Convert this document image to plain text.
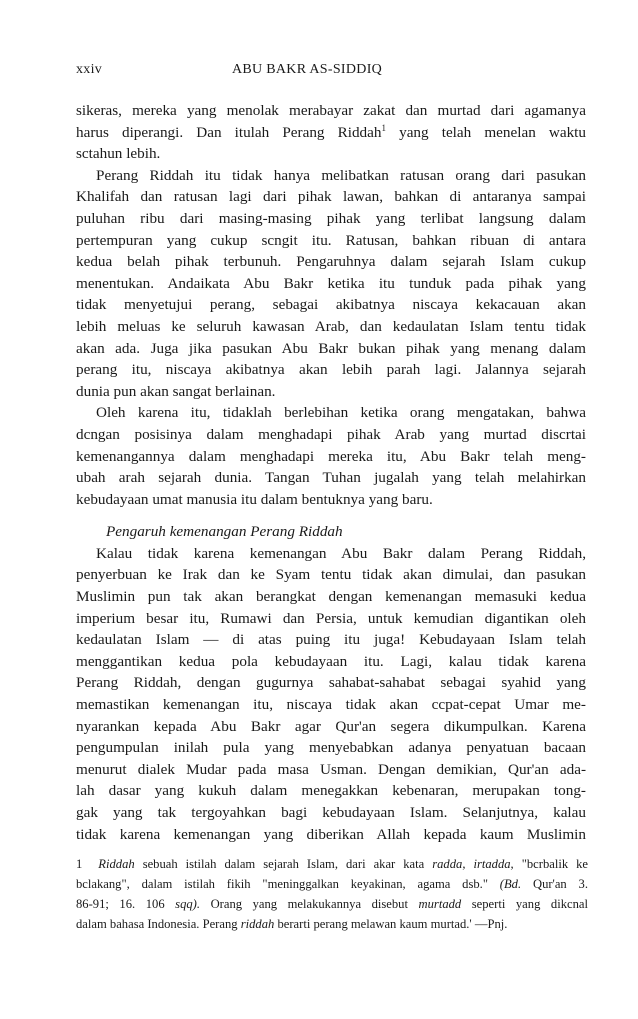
xxiv	ABU BAKR AS-SIDDIQ
sikeras, mereka yang menolak merabayar zakat dan murtad dari agamanya
harus diperangi. Dan itulah Perang Riddah$^1$ yang telah menelan waktu
sctahun lebih.
Perang Riddah itu tidak hanya melibatkan ratusan orang dari pasukan
Khalifah dan ratusan lagi dari pihak lawan, bahkan di antaranya sampai
puluhan ribu dari masing-masing pihak yang terlibat langsung dalam
pertempuran yang cukup scngit itu. Ratusan, bahkan ribuan di antara
kedua belah pihak terbunuh. Pengaruhnya dalam sejarah Islam cukup
menentukan. Andaikata Abu Bakr ketika itu tunduk pada pihak yang
tidak menyetujui perang, sebagai akibatnya niscaya kekacauan akan
lebih meluas ke seluruh kawasan Arab, dan kedaulatan Islam tentu tidak
akan ada. Juga jika pasukan Abu Bakr bukan pihak yang menang dalam
perang itu, niscaya akibatnya akan lebih parah lagi. Jalannya sejarah
dunia pun akan sangat berlainan.
Oleh karena itu, tidaklah berlebihan ketika orang mengatakan, bahwa
dcngan posisinya dalam menghadapi pihak Arab yang murtad discrtai
kemenangannya dalam menghadapi mereka itu, Abu Bakr telah meng-
ubah arah sejarah dunia. Tangan Tuhan jugalah yang telah melahirkan
kebudayaan umat manusia itu dalam bentuknya yang baru.
Pengaruh kemenangan Perang Riddah
Kalau tidak karena kemenangan Abu Bakr dalam Perang Riddah,
penyerbuan ke Irak dan ke Syam tentu tidak akan dimulai, dan pasukan
Muslimin pun tak akan berangkat dengan kemenangan memasuki kedua
imperium besar itu, Rumawi dan Persia, untuk kemudian digantikan oleh
kedaulatan Islam — di atas puing itu juga! Kebudayaan Islam telah
menggantikan kedua pola kebudayaan itu. Lagi, kalau tidak karena
Perang Riddah, dengan gugurnya sahabat-sahabat sebagai syahid yang
memastikan kemenangan itu, niscaya tidak akan ccpat-cepat Umar me-
nyarankan kepada Abu Bakr agar Qur'an segera dikumpulkan. Karena
pengumpulan inilah pula yang menyebabkan adanya penyatuan bacaan
menurut dialek Mudar pada masa Usman. Dengan demikian, Qur'an ada-
lah dasar yang kukuh dalam menegakkan kebenaran, merupakan tong-
gak yang tak tergoyahkan bagi kebudayaan Islam. Selanjutnya, kalau
tidak karena kemenangan yang diberikan Allah kepada kaum Muslimin
1 Riddah sebuah istilah dalam sejarah Islam, dari akar kata radda, irtadda, "bcrbalik ke
bclakang", dalam istilah fikih "meninggalkan keyakinan, agama dsb." (Bd. Qur'an 3.
86-91; 16. 106 sqq). Orang yang melakukannya disebut murtadd seperti yang dikcnal
dalam bahasa Indonesia. Perang riddah berarti perang melawan kaum murtad.' —Pnj.
